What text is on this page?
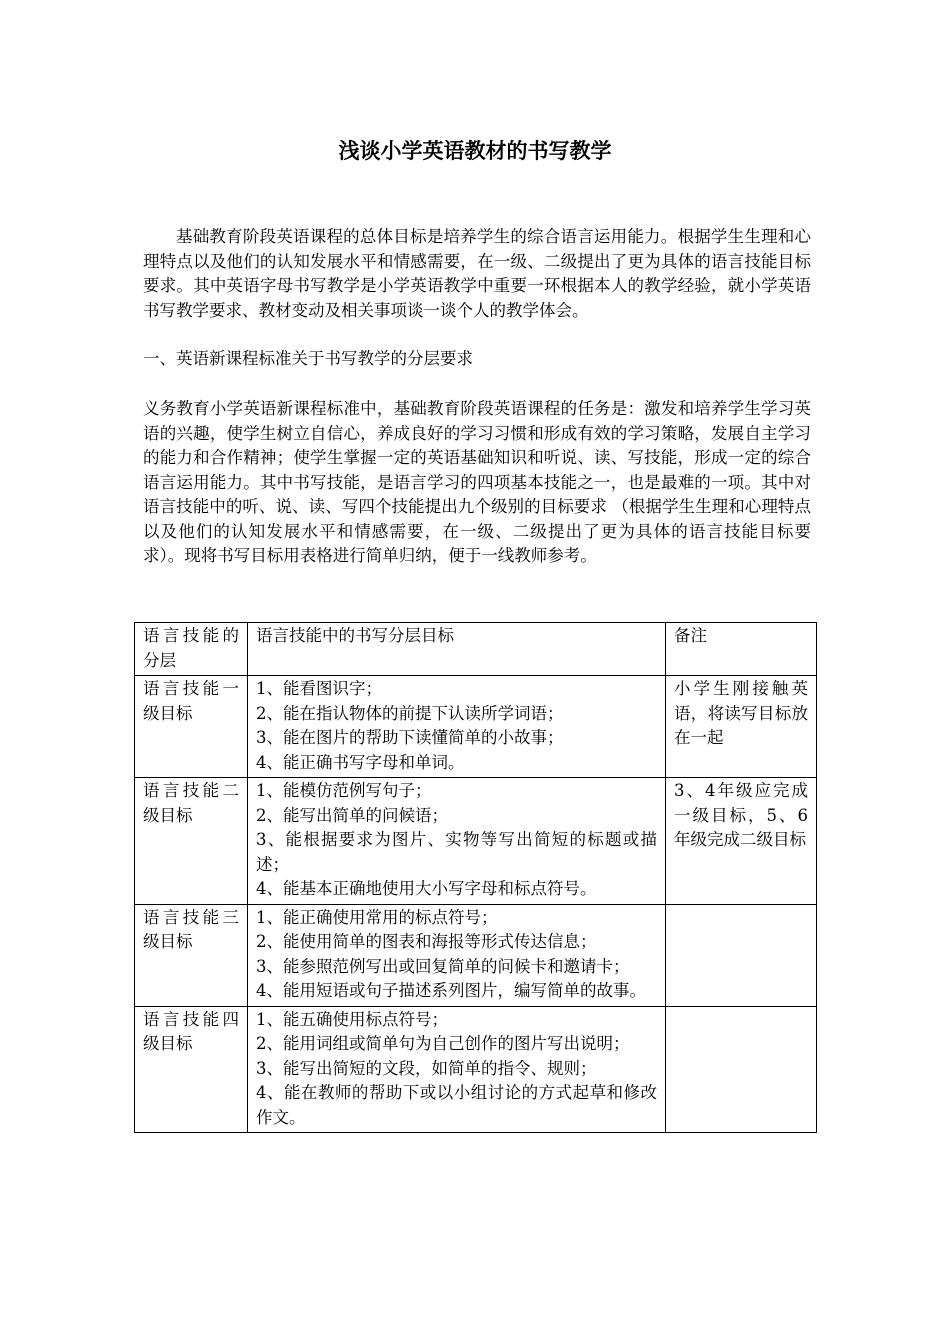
浅谈小学英语教材的书写教学
基础教育阶段英语课程的总体目标是培养学生的综合语言运用能力。根据学生生理和心理特点以及他们的认知发展水平和情感需要，在一级、二级提出了更为具体的语言技能目标要求。其中英语字母书写教学是小学英语教学中重要一环根据本人的教学经验，就小学英语书写教学要求、教材变动及相关事项谈一谈个人的教学体会。
一、英语新课程标准关于书写教学的分层要求
义务教育小学英语新课程标准中，基础教育阶段英语课程的任务是：激发和培养学生学习英语的兴趣，使学生树立自信心，养成良好的学习习惯和形成有效的学习策略，发展自主学习的能力和合作精神；使学生掌握一定的英语基础知识和听说、读、写技能，形成一定的综合语言运用能力。其中书写技能，是语言学习的四项基本技能之一，也是最难的一项。其中对语言技能中的听、说、读、写四个技能提出九个级别的目标要求 （根据学生生理和心理特点以及他们的认知发展水平和情感需要，在一级、二级提出了更为具体的语言技能目标要求）。现将书写目标用表格进行简单归纳，便于一线教师参考。
语言技能的分层	语言技能中的书写分层目标	备注
语言技能一级目标	1、能看图识字；
2、能在指认物体的前提下认读所学词语；
3、能在图片的帮助下读懂简单的小故事；
4、能正确书写字母和单词。	小学生刚接触英语，将读写目标放在一起
语言技能二级目标	1、能模仿范例写句子；
2、能写出简单的问候语；
3、能根据要求为图片、实物等写出简短的标题或描述；
4、能基本正确地使用大小写字母和标点符号。	3、4年级应完成一级目标，5、6年级完成二级目标
语言技能三级目标	1、能正确使用常用的标点符号；
2、能使用简单的图表和海报等形式传达信息；
3、能参照范例写出或回复简单的问候卡和邀请卡；
4、能用短语或句子描述系列图片，编写简单的故事。	

语言技能四级目标	1、能五确使用标点符号；
2、能用词组或简单句为自己创作的图片写出说明；
3、能写出简短的文段，如简单的指令、规则；
4、能在教师的帮助下或以小组讨论的方式起草和修改作文。	
